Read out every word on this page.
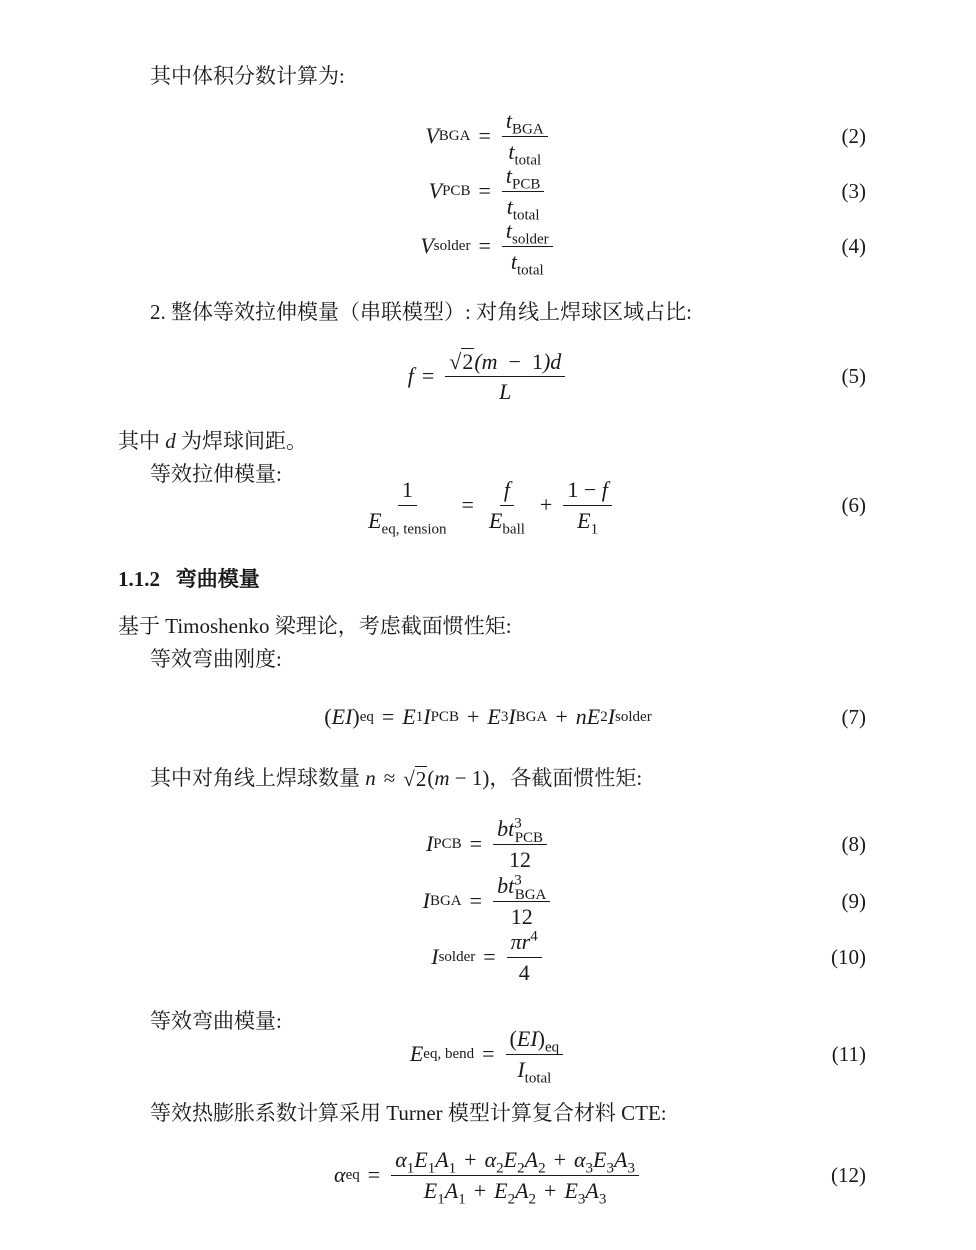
其中体积分数计算为:
V BGA = $\frac{t_{BGA}}{t_{total}}$	(2)
V PCB = $\frac{t_{PCB}}{t_{total}}$	(3)
V solder = $\frac{t_{solder}}{t_{total}}$	(4)
2. 整体等效拉伸模量（串联模型）: 对角线上焊球区域占比:
$f = \frac{√ 2 (m - 1)d}{L}$	(5)
其中 d 为焊球间距。
等效拉伸模量:
$\frac{1}{E_{eq, tension}} = \frac{f}{E_{ball}} + \frac{1 - f}{E_1}$	(6)
1.1.2 弯曲模量
基于 Timoshenko 梁理论，考虑截面惯性矩:
等效弯曲刚度:
( EI ) eq = E 1 I PCB + E 3 I BGA + nE 2 I solder	(7)
其中对角线上焊球数量 n ≈ √ 2 ( m − 1) ，各截面惯性矩:
I PCB = $\frac{bt^3_{PCB}}{12}$	(8)
I BGA = $\frac{bt^3_{BGA}}{12}$	(9)
I solder = $\frac{\pi r^4}{4}$	(10)
等效弯曲模量:
E eq, bend = $\frac{(EI)_{eq}}{I_{total}}$	(11)
等效热膨胀系数计算采用 Turner 模型计算复合材料 CTE:
α eq = $\frac{\alpha_1E_1A_1 + \alpha_2E_2A_2 + \alpha_3E_3A_3}{E_1A_1 + E_2A_2 + E_3A_3}$	(12)
